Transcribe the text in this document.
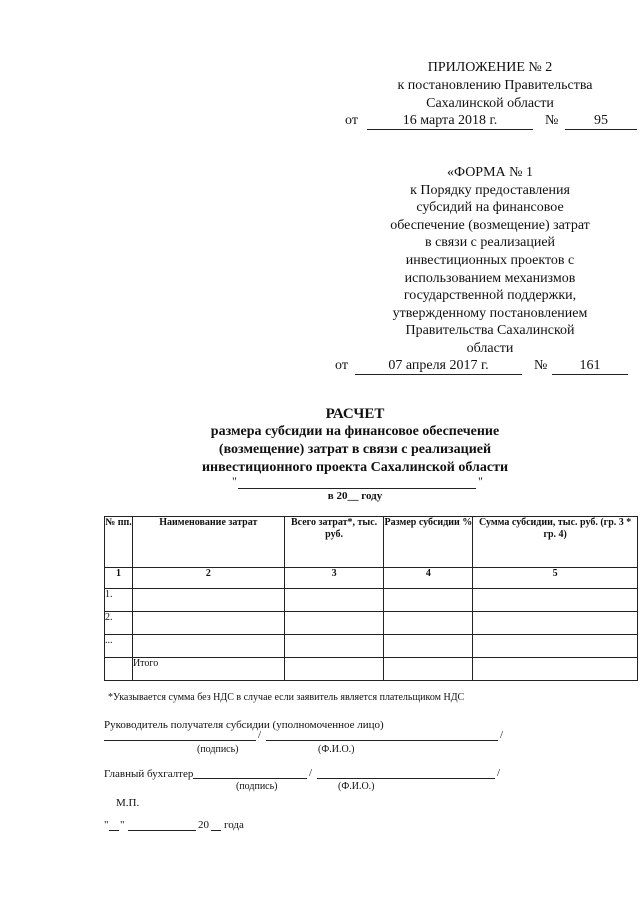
ПРИЛОЖЕНИЕ № 2
к постановлению Правительства
Сахалинской области
от	16 марта 2018 г.	№	95
«ФОРМА № 1
к Порядку предоставления
субсидий на финансовое
обеспечение (возмещение) затрат
в связи с реализацией
инвестиционных проектов с
использованием механизмов
государственной поддержки,
утвержденному постановлением
Правительства Сахалинской
области
от	07 апреля 2017 г.	№	161
РАСЧЕТ
размера субсидии на финансовое обеспечение
(возмещение) затрат в связи с реализацией
инвестиционного проекта Сахалинской области
"	"
в 20__ году
№ пп.	Наименование затрат	Всего затрат*, тыс. руб.	Размер субсидии %	Сумма субсидии, тыс. руб. (гр. 3 * гр. 4)
1	2	3	4	5
1.				
2.				
...				
	Итого			
*Указывается сумма без НДС в случае если заявитель является плательщиком НДС
Руководитель получателя субсидии (уполномоченное лицо)
/	/
(подпись)	(Ф.И.О.)
Главный бухгалтер	/	/
(подпись)	(Ф.И.О.)
М.П.
" "	20 года
